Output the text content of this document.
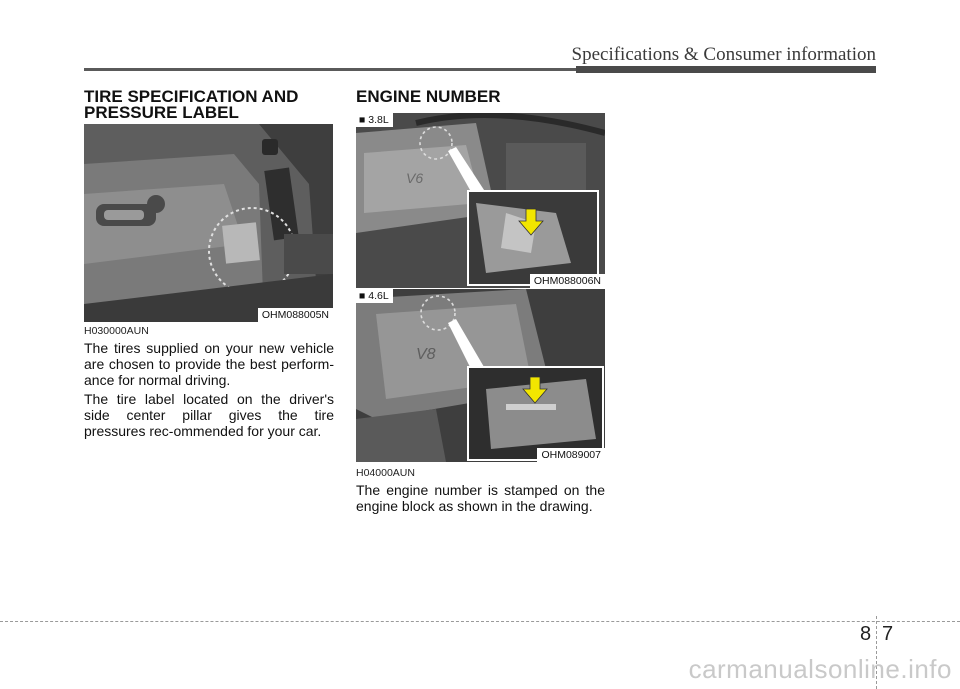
Specifications & Consumer information
TIRE SPECIFICATION AND
PRESSURE LABEL
OHM088005N
H030000AUN

The tires supplied on your new vehicle are chosen to provide the best perform-ance for normal driving.

The tire label located on the driver's side center pillar gives the tire pressures rec-ommended for your car.

ENGINE NUMBER
V6
■ 3.8L
OHM088006N
V8
■ 4.6L
OHM089007
H04000AUN

The engine number is stamped on the engine block as shown in the drawing.

8 7
carmanualsonline.info
